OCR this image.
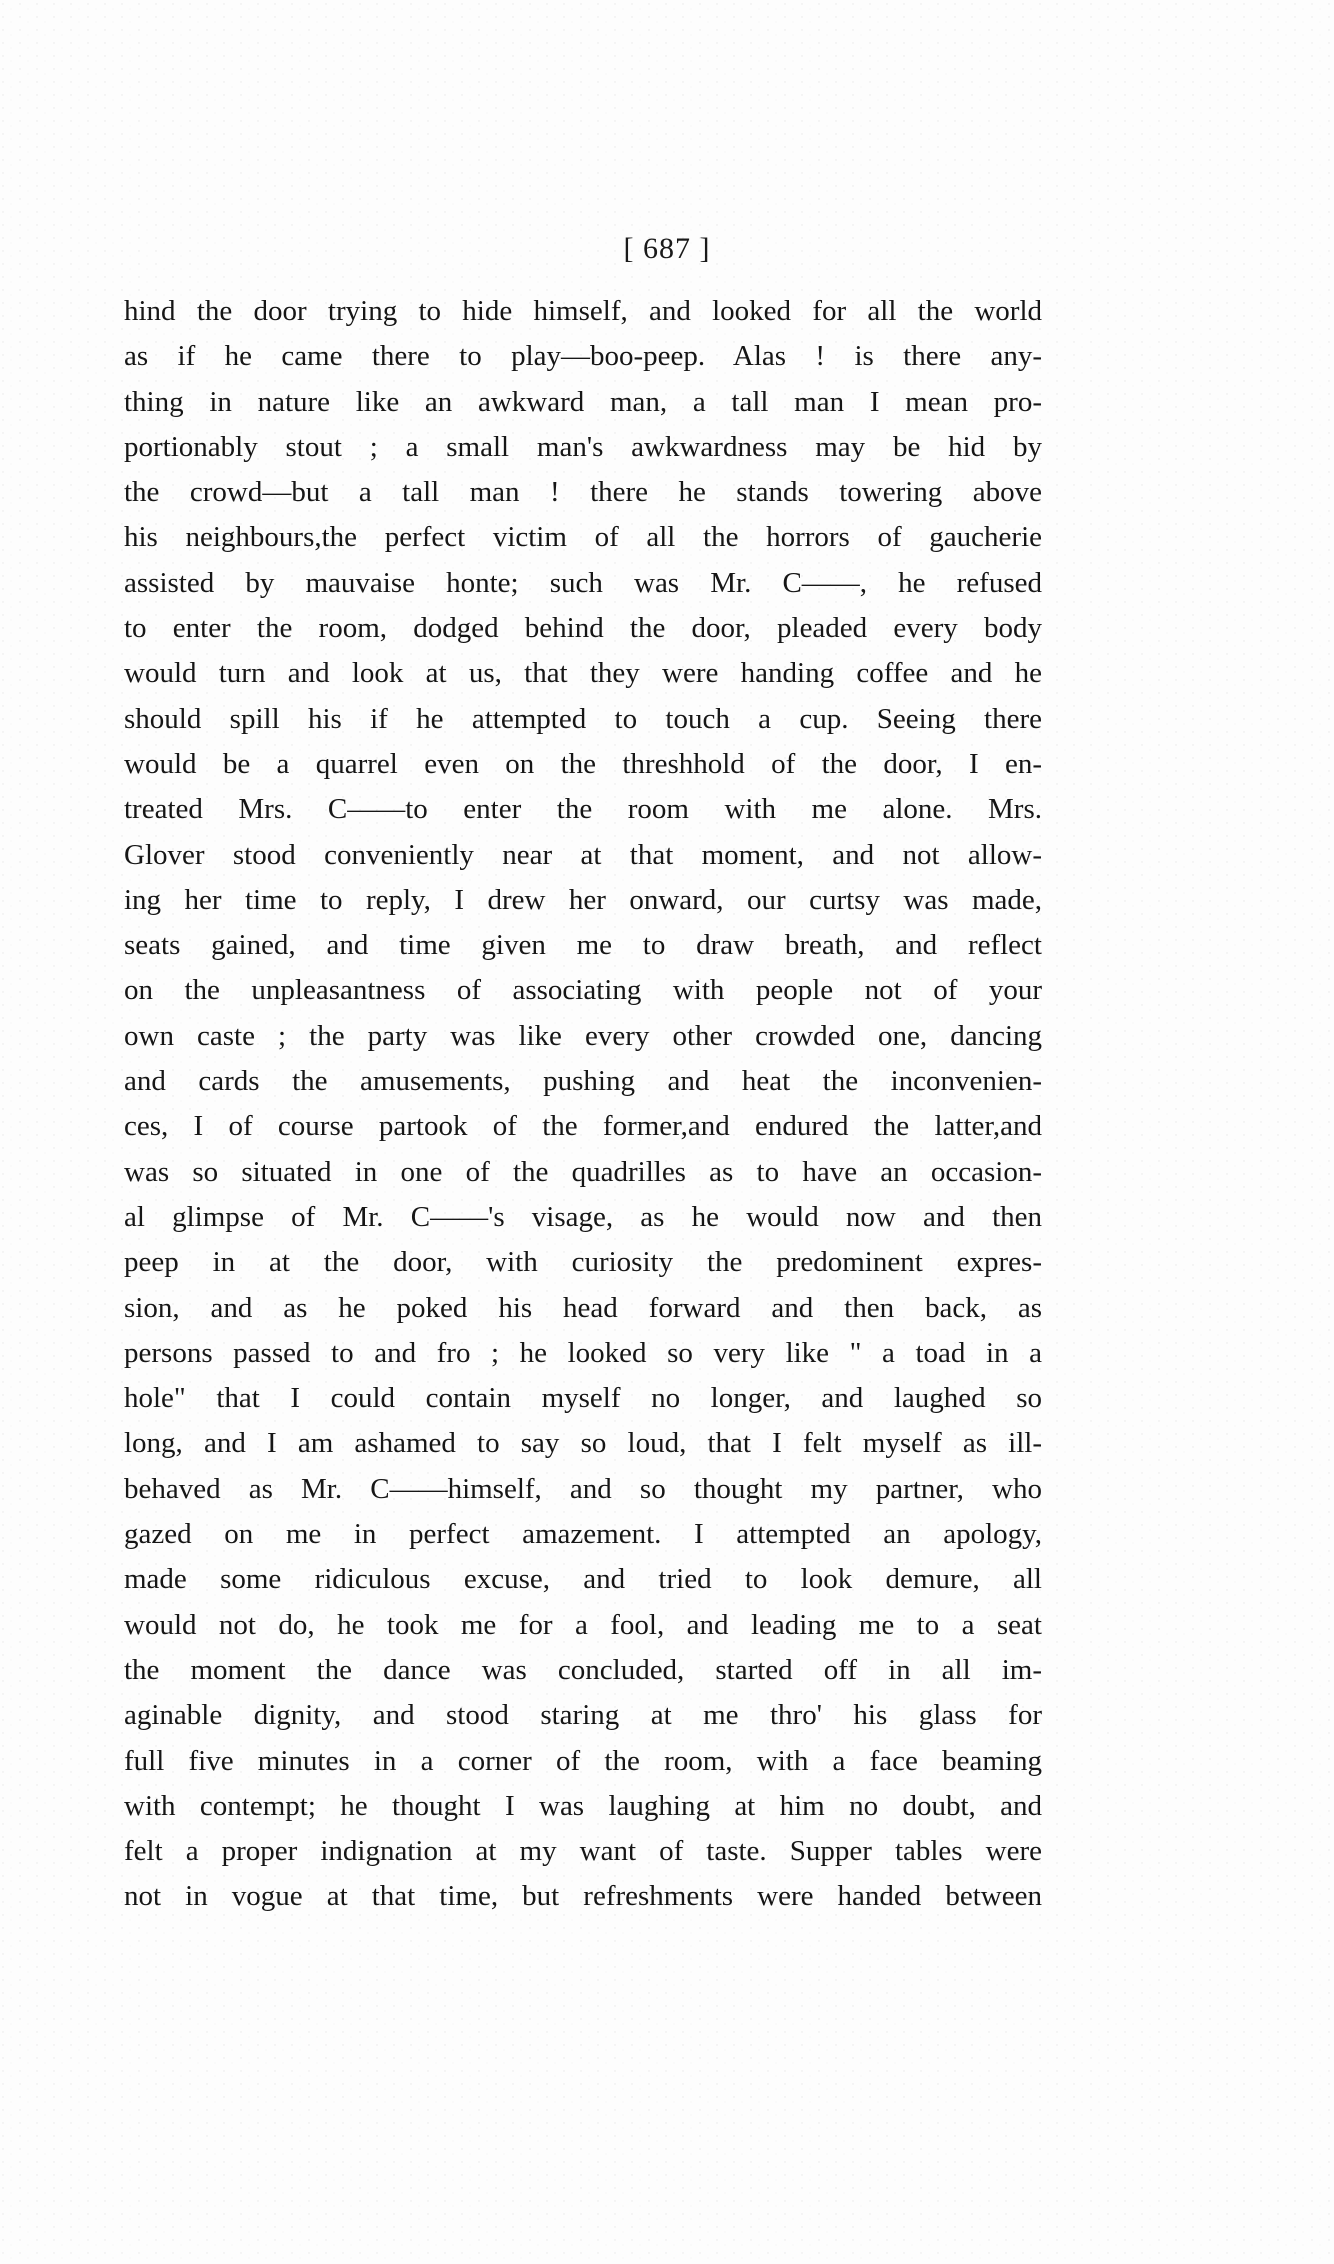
[ 687 ]
hind the door trying to hide himself, and looked for all the world
as if he came there to play—boo-peep. Alas ! is there any-
thing in nature like an awkward man, a tall man I mean pro-
portionably stout ; a small man's awkwardness may be hid by
the crowd—but a tall man ! there he stands towering above
his neighbours,the perfect victim of all the horrors of gaucherie
assisted by mauvaise honte; such was Mr. C——, he refused
to enter the room, dodged behind the door, pleaded every body
would turn and look at us, that they were handing coffee and he
should spill his if he attempted to touch a cup. Seeing there
would be a quarrel even on the threshhold of the door, I en-
treated Mrs. C——to enter the room with me alone. Mrs.
Glover stood conveniently near at that moment, and not allow-
ing her time to reply, I drew her onward, our curtsy was made,
seats gained, and time given me to draw breath, and reflect
on the unpleasantness of associating with people not of your
own caste ; the party was like every other crowded one, dancing
and cards the amusements, pushing and heat the inconvenien-
ces, I of course partook of the former,and endured the latter,and
was so situated in one of the quadrilles as to have an occasion-
al glimpse of Mr. C——'s visage, as he would now and then
peep in at the door, with curiosity the predominent expres-
sion, and as he poked his head forward and then back, as
persons passed to and fro ; he looked so very like " a toad in a
hole" that I could contain myself no longer, and laughed so
long, and I am ashamed to say so loud, that I felt myself as ill-
behaved as Mr. C——himself, and so thought my partner, who
gazed on me in perfect amazement. I attempted an apology,
made some ridiculous excuse, and tried to look demure, all
would not do, he took me for a fool, and leading me to a seat
the moment the dance was concluded, started off in all im-
aginable dignity, and stood staring at me thro' his glass for
full five minutes in a corner of the room, with a face beaming
with contempt; he thought I was laughing at him no doubt, and
felt a proper indignation at my want of taste. Supper tables were
not in vogue at that time, but refreshments were handed between
